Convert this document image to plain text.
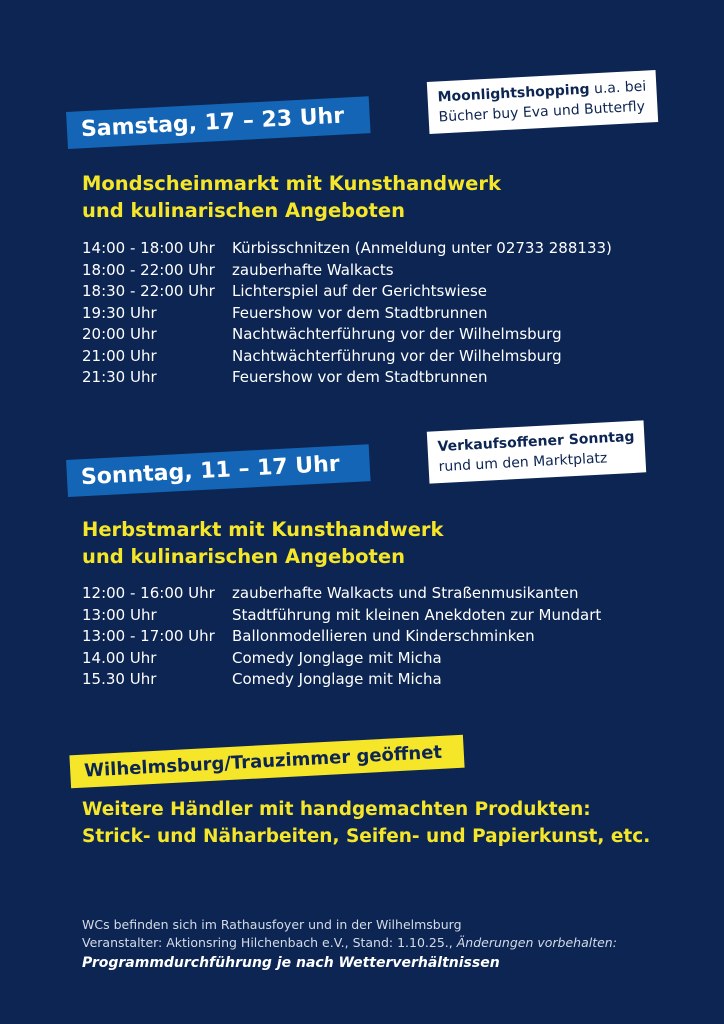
Moonlightshopping u.a. bei
Bücher buy Eva und Butterfly
Samstag, 17 – 23 Uhr
Mondscheinmarkt mit Kunsthandwerk
und kulinarischen Angeboten
14:00 - 18:00 Uhr	Kürbisschnitzen (Anmeldung unter 02733 288133)
18:00 - 22:00 Uhr	zauberhafte Walkacts
18:30 - 22:00 Uhr	Lichterspiel auf der Gerichtswiese
19:30 Uhr	Feuershow vor dem Stadtbrunnen
20:00 Uhr	Nachtwächterführung vor der Wilhelmsburg
21:00 Uhr	Nachtwächterführung vor der Wilhelmsburg
21:30 Uhr	Feuershow vor dem Stadtbrunnen
Verkaufsoffener Sonntag
rund um den Marktplatz
Sonntag, 11 – 17 Uhr
Herbstmarkt mit Kunsthandwerk
und kulinarischen Angeboten
12:00 - 16:00 Uhr	zauberhafte Walkacts und Straßenmusikanten
13:00 Uhr	Stadtführung mit kleinen Anekdoten zur Mundart
13:00 - 17:00 Uhr	Ballonmodellieren und Kinderschminken
14.00 Uhr	Comedy Jonglage mit Micha
15.30 Uhr	Comedy Jonglage mit Micha
Wilhelmsburg/Trauzimmer geöffnet
Weitere Händler mit handgemachten Produkten:
Strick- und Näharbeiten, Seifen- und Papierkunst, etc.
WCs befinden sich im Rathausfoyer und in der Wilhelmsburg
Veranstalter: Aktionsring Hilchenbach e.V., Stand: 1.10.25., Änderungen vorbehalten:
Programmdurchführung je nach Wetterverhältnissen
